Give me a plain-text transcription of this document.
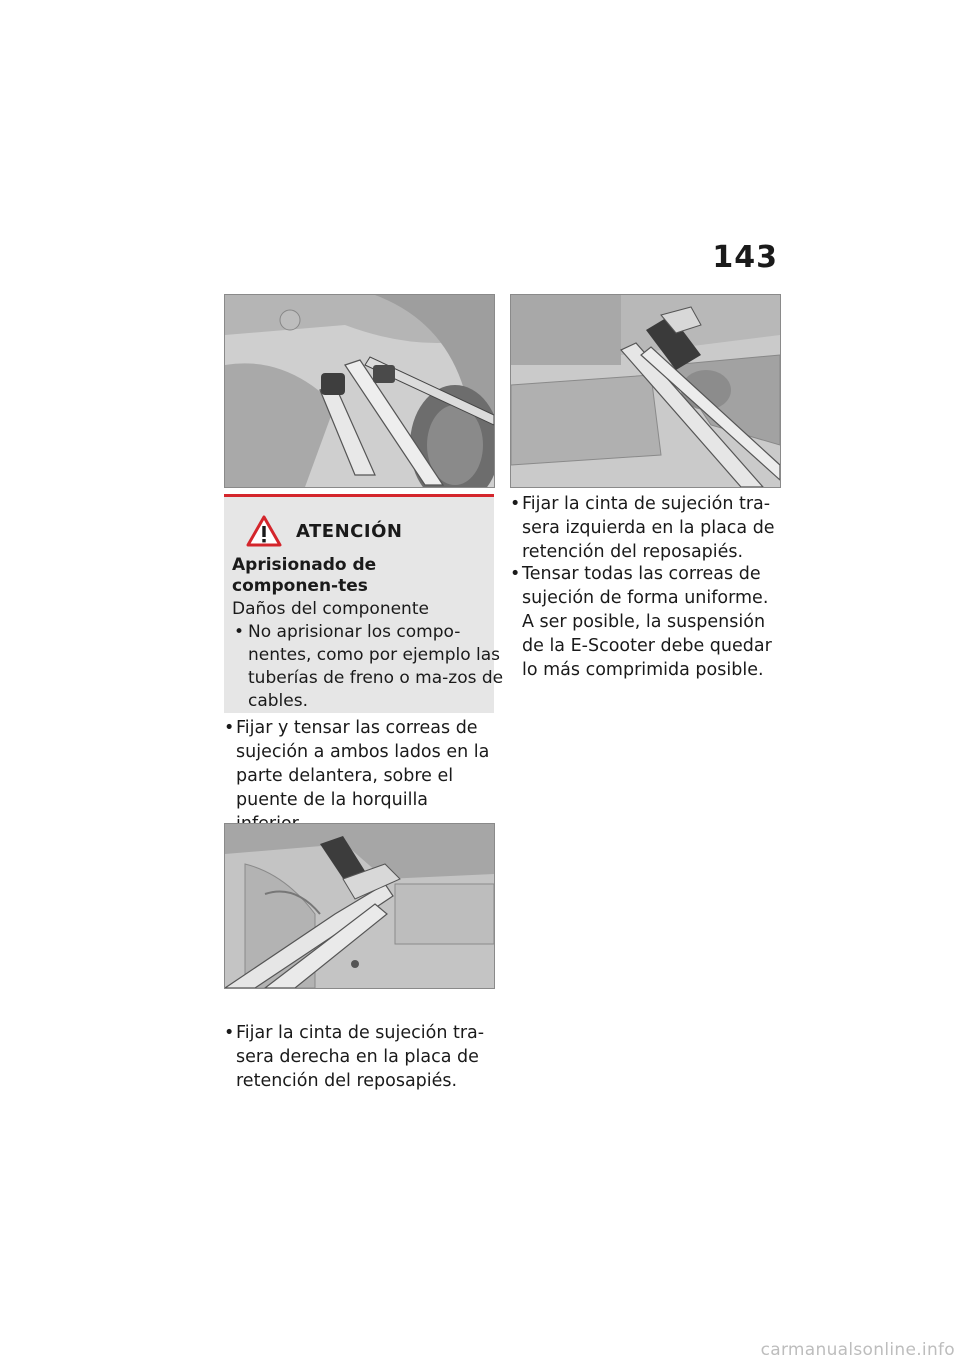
143
ATENCIÓN
Aprisionado de componen-tes
Daños del componente
• No aprisionar los compo-nentes, como por ejemplo las tuberías de freno o ma-zos de cables.
• Fijar y tensar las correas de sujeción a ambos lados en la parte delantera, sobre el puente de la horquilla
• Fijar la cinta de sujeción tra-sera derecha en la placa de retención del reposapiés.
• Fijar la cinta de sujeción tra-sera izquierda en la placa de retención del reposapiés.
• Tensar todas las correas de sujeción de forma uniforme. A ser posible, la suspensión de la E-Scooter debe quedar lo más comprimida posible.
carmanualsonline.info
